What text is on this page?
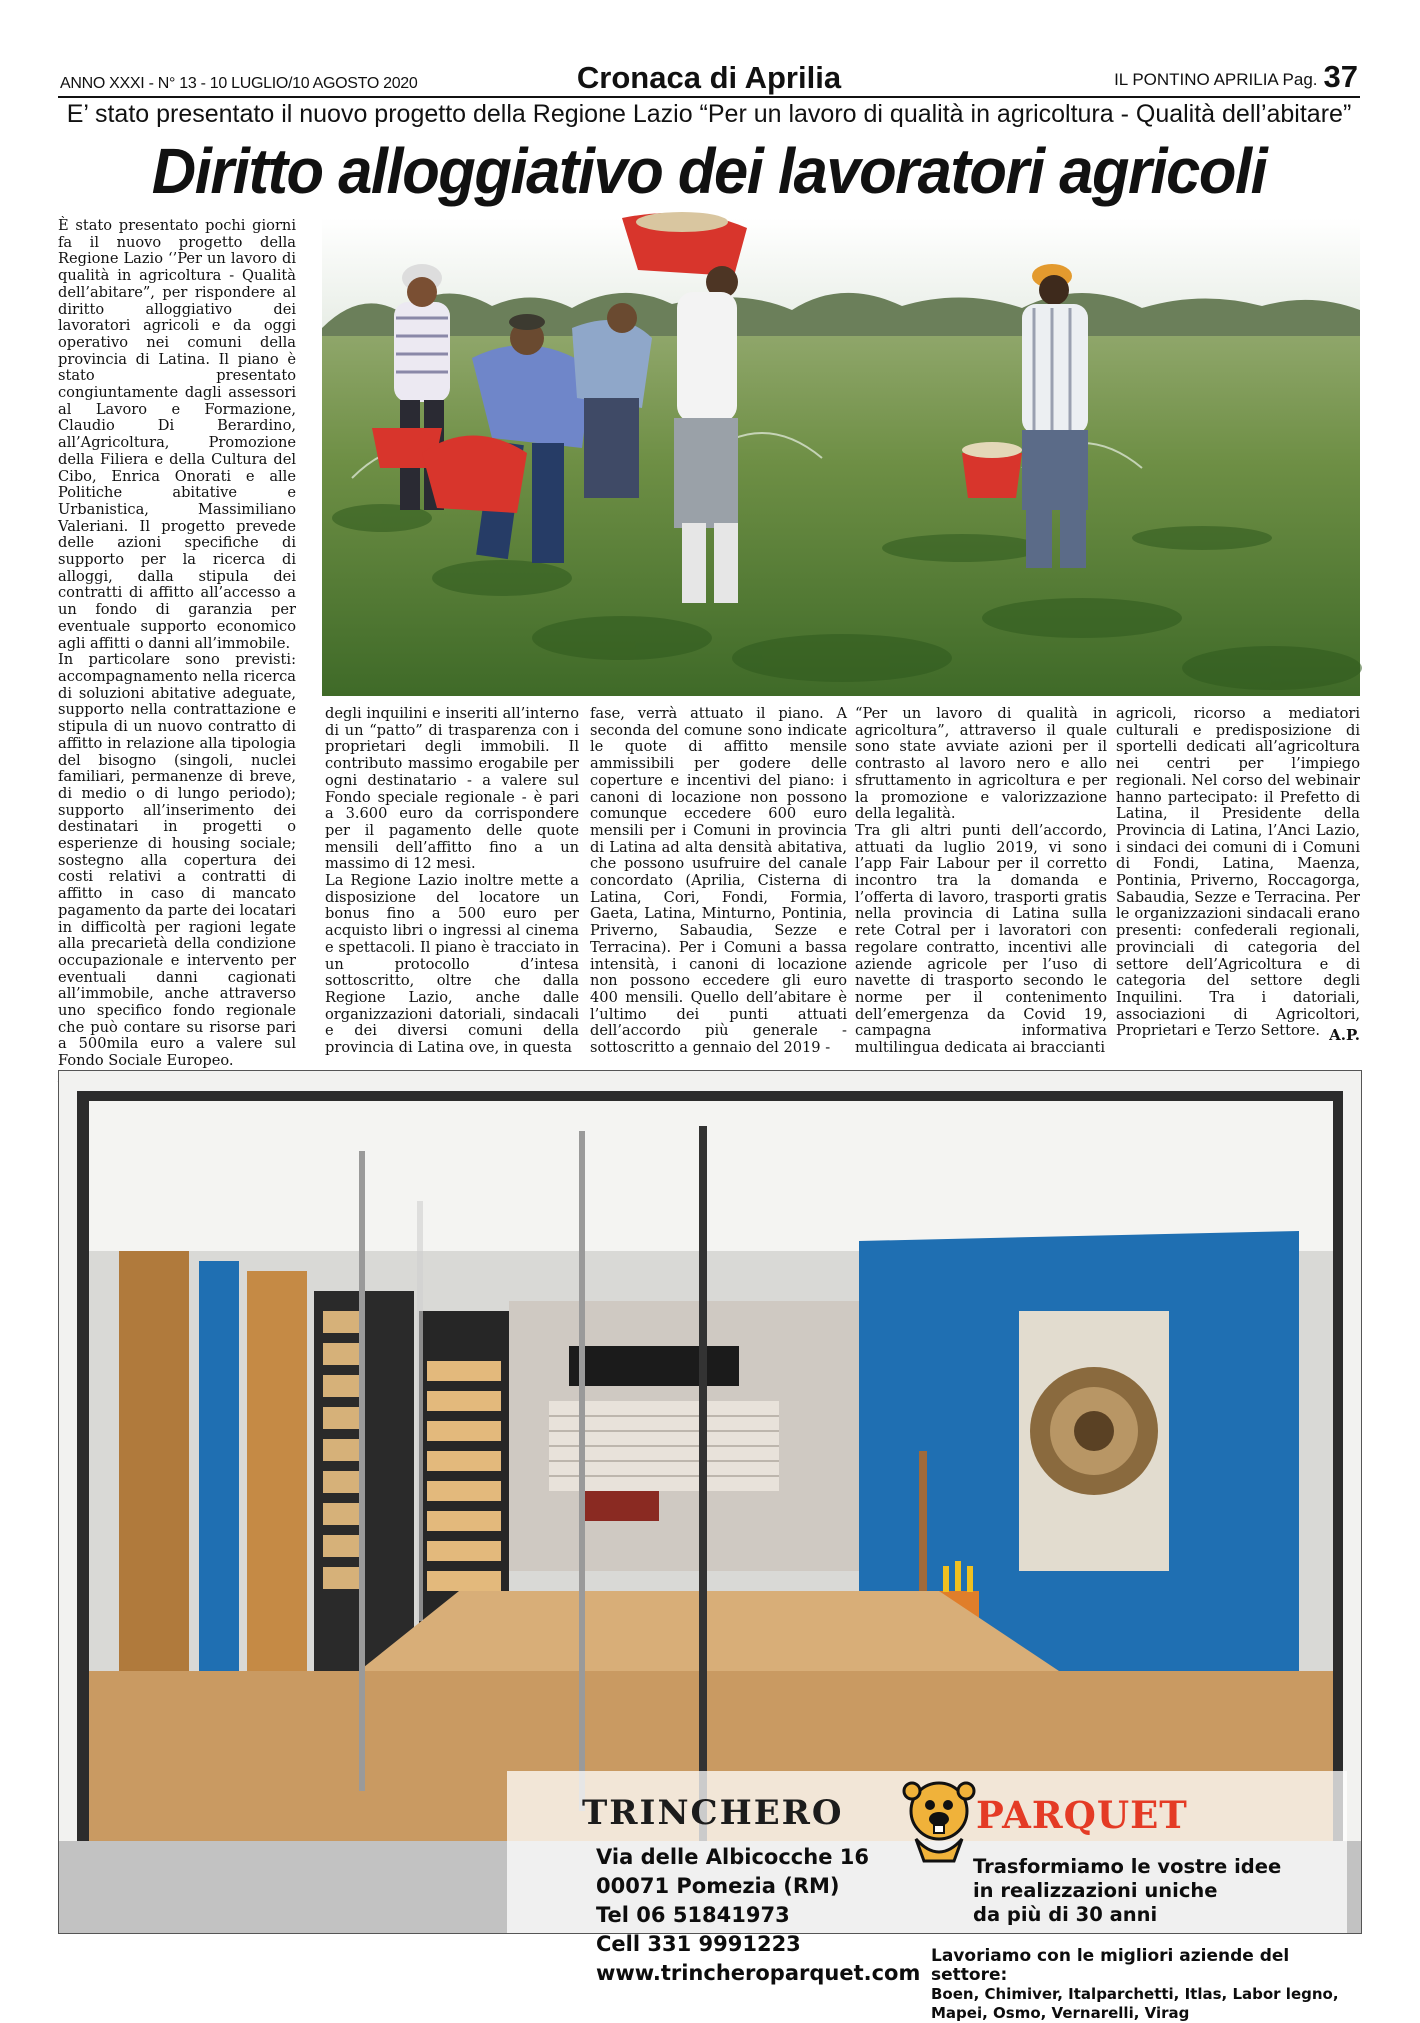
ANNO XXXI - N° 13 - 10 LUGLIO/10 AGOSTO 2020	Cronaca di Aprilia	IL PONTINO APRILIA Pag. 37
E’ stato presentato il nuovo progetto della Regione Lazio “Per un lavoro di qualità in agricoltura - Qualità dell’abitare”
Diritto alloggiativo dei lavoratori agricoli

È stato presentato pochi giorni fa il nuovo progetto della Regione Lazio ‘’Per un lavoro di qualità in agricoltura - Qualità dell’abitare”, per rispondere al diritto alloggiativo dei lavoratori agricoli e da oggi operativo nei comuni della provincia di Latina. Il piano è stato presentato congiuntamente dagli assessori al Lavoro e Formazione, Claudio Di Berardino, all’Agricoltura, Promozione della Filiera e della Cultura del Cibo, Enrica Onorati e alle Politiche abitative e Urbanistica, Massimiliano Valeriani. Il progetto prevede delle azioni specifiche di supporto per la ricerca di alloggi, dalla stipula dei contratti di affitto all’accesso a un fondo di garanzia per eventuale supporto economico agli affitti o danni all’immobile.

In particolare sono previsti: accompagnamento nella ricerca di soluzioni abitative adeguate, supporto nella contrattazione e stipula di un nuovo contratto di affitto in relazione alla tipologia del bisogno (singoli, nuclei familiari, permanenze di breve, di medio o di lungo periodo); supporto all’inserimento dei destinatari in progetti o esperienze di housing sociale; sostegno alla copertura dei costi relativi a contratti di affitto in caso di mancato pagamento da parte dei locatari in difficoltà per ragioni legate alla precarietà della condizione occupazionale e intervento per eventuali danni cagionati all’immobile, anche attraverso uno specifico fondo regionale che può contare su risorse pari a 500mila euro a valere sul Fondo Sociale Europeo.

degli inquilini e inseriti all’interno di un “patto” di trasparenza con i proprietari degli immobili. Il contributo massimo erogabile per ogni destinatario - a valere sul Fondo speciale regionale - è pari a 3.600 euro da corrispondere per il pagamento delle quote mensili dell’affitto fino a un massimo di 12 mesi.

La Regione Lazio inoltre mette a disposizione del locatore un bonus fino a 500 euro per acquisto libri o ingressi al cinema e spettacoli. Il piano è tracciato in un protocollo d’intesa sottoscritto, oltre che dalla Regione Lazio, anche dalle organizzazioni datoriali, sindacali e dei diversi comuni della provincia di Latina ove, in questa

fase, verrà attuato il piano. A seconda del comune sono indicate le quote di affitto mensile ammissibili per godere delle coperture e incentivi del piano: i canoni di locazione non possono comunque eccedere 600 euro mensili per i Comuni in provincia di Latina ad alta densità abitativa, che possono usufruire del canale concordato (Aprilia, Cisterna di Latina, Cori, Fondi, Formia, Gaeta, Latina, Minturno, Pontinia, Priverno, Sabaudia, Sezze e Terracina). Per i Comuni a bassa intensità, i canoni di locazione non possono eccedere gli euro 400 mensili. Quello dell’abitare è l’ultimo dei punti attuati dell’accordo più generale - sottoscritto a gennaio del 2019 -

“Per un lavoro di qualità in agricoltura”, attraverso il quale sono state avviate azioni per il contrasto al lavoro nero e allo sfruttamento in agricoltura e per la promozione e valorizzazione della legalità.

Tra gli altri punti dell’accordo, attuati da luglio 2019, vi sono l’app Fair Labour per il corretto incontro tra la domanda e l’offerta di lavoro, trasporti gratis nella provincia di Latina sulla rete Cotral per i lavoratori con regolare contratto, incentivi alle aziende agricole per l’uso di navette di trasporto secondo le norme per il contenimento dell’emergenza da Covid 19, campagna informativa multilingua dedicata ai braccianti

agricoli, ricorso a mediatori culturali e predisposizione di sportelli dedicati all’agricoltura nei centri per l’impiego regionali. Nel corso del webinair hanno partecipato: il Prefetto di Latina, il Presidente della Provincia di Latina, l’Anci Lazio, i sindaci dei comuni di i Comuni di Fondi, Latina, Maenza, Pontinia, Priverno, Roccagorga, Sabaudia, Sezze e Terracina. Per le organizzazioni sindacali erano presenti: confederali regionali, provinciali di categoria del settore dell’Agricoltura e di categoria del settore degli Inquilini. Tra i datoriali, associazioni di Agricoltori, Proprietari e Terzo Settore. A.P.
TRINCHERO	PARQUET
Via delle Albicocche 16
00071 Pomezia (RM)
Tel 06 51841973
Cell 331 9991223
www.trincheroparquet.com
Trasformiamo le vostre idee
in realizzazioni uniche
da più di 30 anni
Lavoriamo con le migliori aziende del settore:
Boen, Chimiver, Italparchetti, Itlas, Labor legno,
Mapei, Osmo, Vernarelli, Virag
